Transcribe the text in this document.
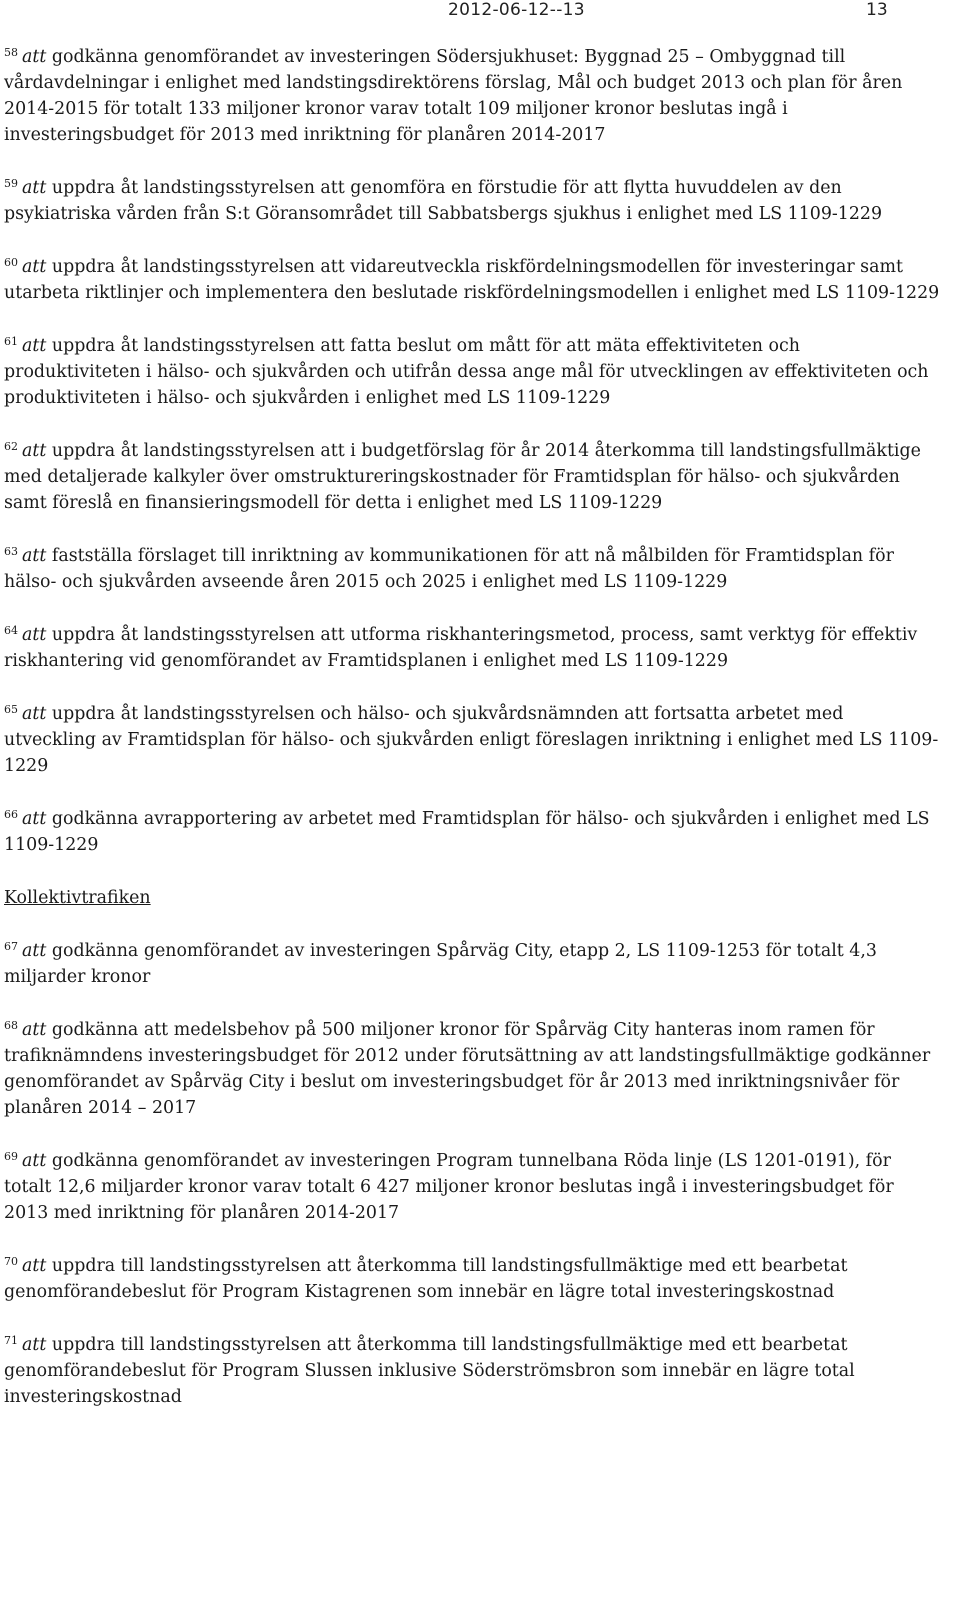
2012-06-12--13	13

$^{58}$ att godkänna genomförandet av investeringen Södersjukhuset: Byggnad 25 – Ombyggnad till vårdavdelningar i enlighet med landstingsdirektörens förslag, Mål och budget 2013 och plan för åren 2014-2015 för totalt 133 miljoner kronor varav totalt 109 miljoner kronor beslutas ingå i investeringsbudget för 2013 med inriktning för planåren 2014-2017

$^{59}$ att uppdra åt landstingsstyrelsen att genomföra en förstudie för att flytta huvuddelen av den psykiatriska vården från S:t Göransområdet till Sabbatsbergs sjukhus i enlighet med LS 1109-1229

$^{60}$ att uppdra åt landstingsstyrelsen att vidareutveckla riskfördelningsmodellen för investeringar samt utarbeta riktlinjer och implementera den beslutade riskfördelningsmodellen i enlighet med LS 1109-1229

$^{61}$ att uppdra åt landstingsstyrelsen att fatta beslut om mått för att mäta effektiviteten och produktiviteten i hälso- och sjukvården och utifrån dessa ange mål för utvecklingen av effektiviteten och produktiviteten i hälso- och sjukvården i enlighet med LS 1109-1229

$^{62}$ att uppdra åt landstingsstyrelsen att i budgetförslag för år 2014 återkomma till landstingsfullmäktige med detaljerade kalkyler över omstruktureringskostnader för Framtidsplan för hälso- och sjukvården samt föreslå en finansieringsmodell för detta i enlighet med LS 1109-1229

$^{63}$ att fastställa förslaget till inriktning av kommunikationen för att nå målbilden för Framtidsplan för hälso- och sjukvården avseende åren 2015 och 2025 i enlighet med LS 1109-1229

$^{64}$ att uppdra åt landstingsstyrelsen att utforma riskhanteringsmetod, process, samt verktyg för effektiv riskhantering vid genomförandet av Framtidsplanen i enlighet med LS 1109-1229

$^{65}$ att uppdra åt landstingsstyrelsen och hälso- och sjukvårdsnämnden att fortsatta arbetet med utveckling av Framtidsplan för hälso- och sjukvården enligt föreslagen inriktning i enlighet med LS 1109-1229

$^{66}$ att godkänna avrapportering av arbetet med Framtidsplan för hälso- och sjukvården i enlighet med LS 1109-1229

Kollektivtrafiken

$^{67}$ att godkänna genomförandet av investeringen Spårväg City, etapp 2, LS 1109-1253 för totalt 4,3 miljarder kronor

$^{68}$ att godkänna att medelsbehov på 500 miljoner kronor för Spårväg City hanteras inom ramen för trafiknämndens investeringsbudget för 2012 under förutsättning av att landstingsfullmäktige godkänner genomförandet av Spårväg City i beslut om investeringsbudget för år 2013 med inriktningsnivåer för planåren 2014 – 2017

$^{69}$ att godkänna genomförandet av investeringen Program tunnelbana Röda linje (LS 1201-0191), för totalt 12,6 miljarder kronor varav totalt 6 427 miljoner kronor beslutas ingå i investeringsbudget för 2013 med inriktning för planåren 2014-2017

$^{70}$ att uppdra till landstingsstyrelsen att återkomma till landstingsfullmäktige med ett bearbetat genomförandebeslut för Program Kistagrenen som innebär en lägre total investeringskostnad

$^{71}$ att uppdra till landstingsstyrelsen att återkomma till landstingsfullmäktige med ett bearbetat genomförandebeslut för Program Slussen inklusive Söderströmsbron som innebär en lägre total investeringskostnad
